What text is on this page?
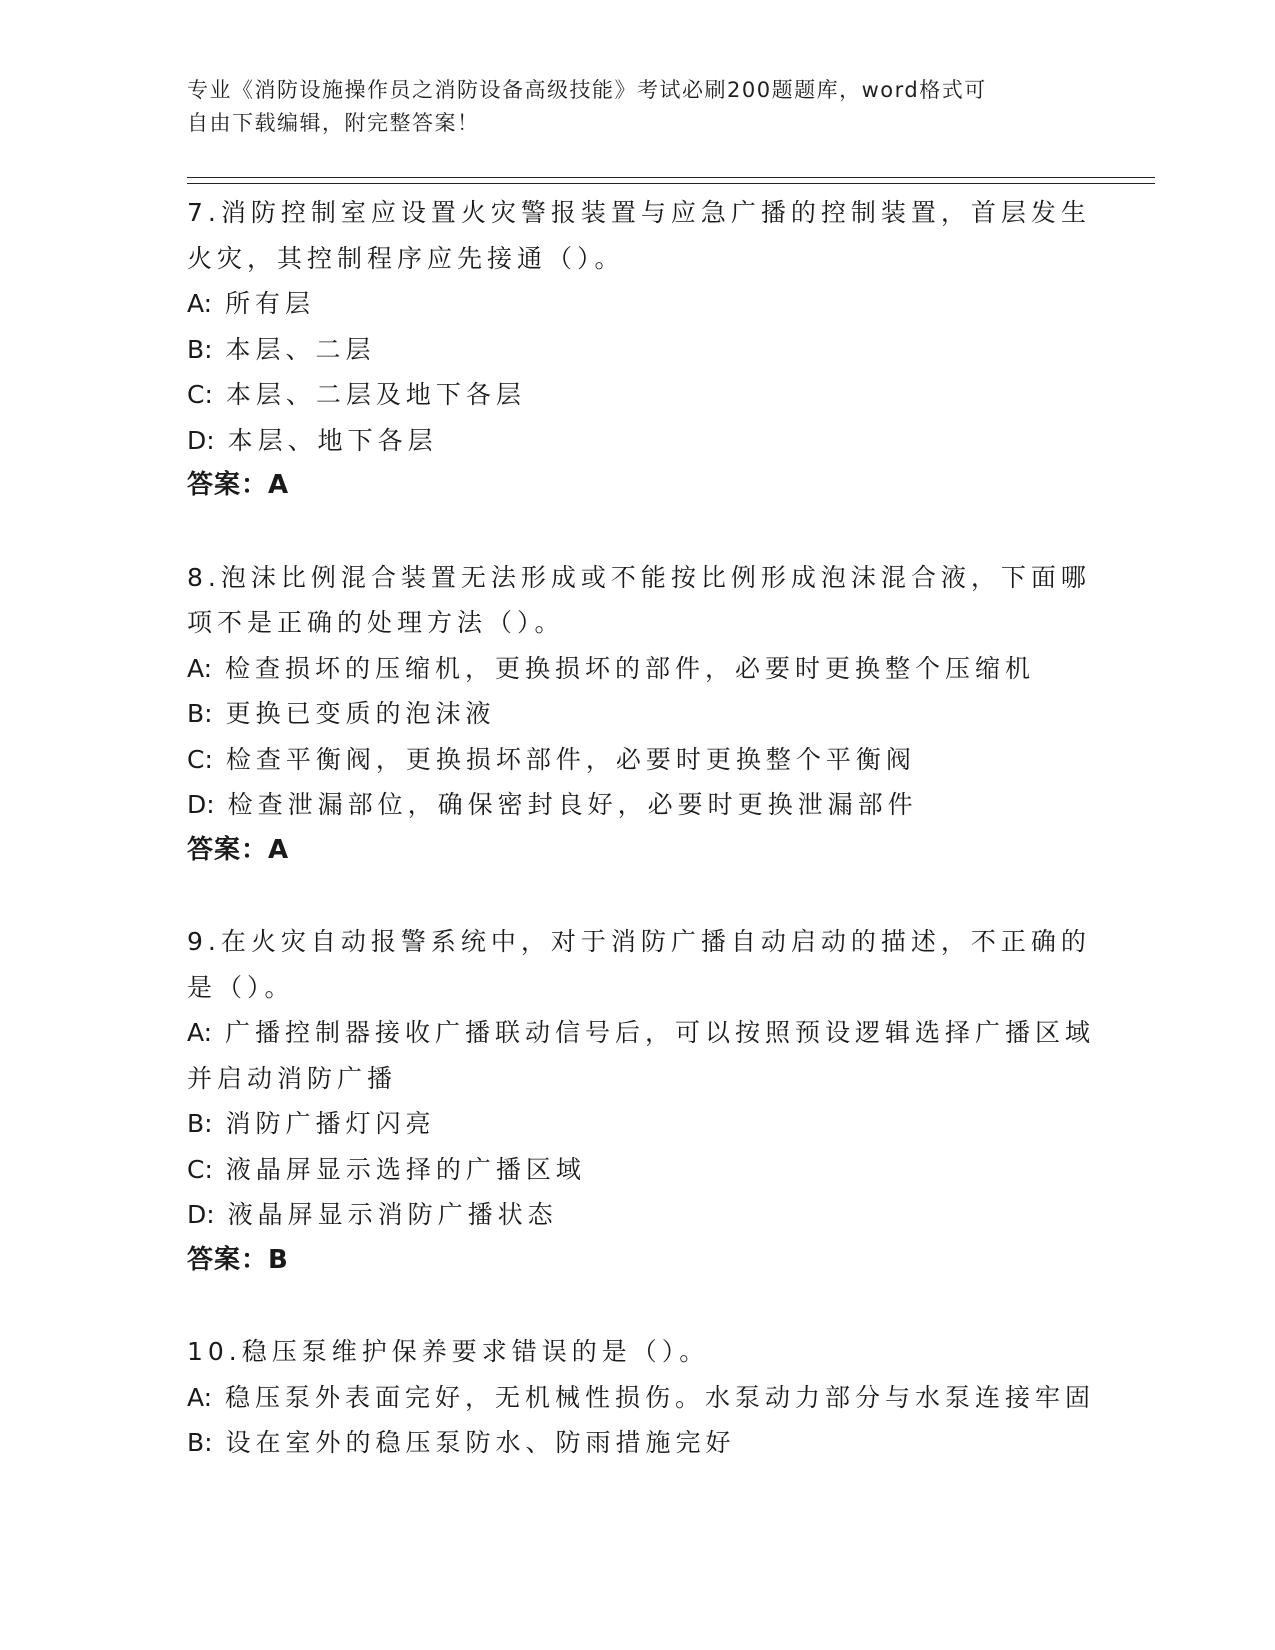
专业《消防设施操作员之消防设备高级技能》考试必刷200题题库，word格式可
自由下载编辑，附完整答案！
7.消防控制室应设置火灾警报装置与应急广播的控制装置，首层发生
火灾，其控制程序应先接通（）。
A:
所有层
B:
本层、二层
C:
本层、二层及地下各层
D:
本层、地下各层
答案：A
8.泡沫比例混合装置无法形成或不能按比例形成泡沫混合液，下面哪
项不是正确的处理方法（）。
A:
检查损坏的压缩机，更换损坏的部件，必要时更换整个压缩机
B:
更换已变质的泡沫液
C:
检查平衡阀，更换损坏部件，必要时更换整个平衡阀
D:
检查泄漏部位，确保密封良好，必要时更换泄漏部件
答案：A
9.在火灾自动报警系统中，对于消防广播自动启动的描述，不正确的
是（）。
A:
广播控制器接收广播联动信号后，可以按照预设逻辑选择广播区域
并启动消防广播
B:
消防广播灯闪亮
C:
液晶屏显示选择的广播区域
D:
液晶屏显示消防广播状态
答案：B
10.稳压泵维护保养要求错误的是（）。
A:
稳压泵外表面完好，无机械性损伤。水泵动力部分与水泵连接牢固
B:
设在室外的稳压泵防水、防雨措施完好
